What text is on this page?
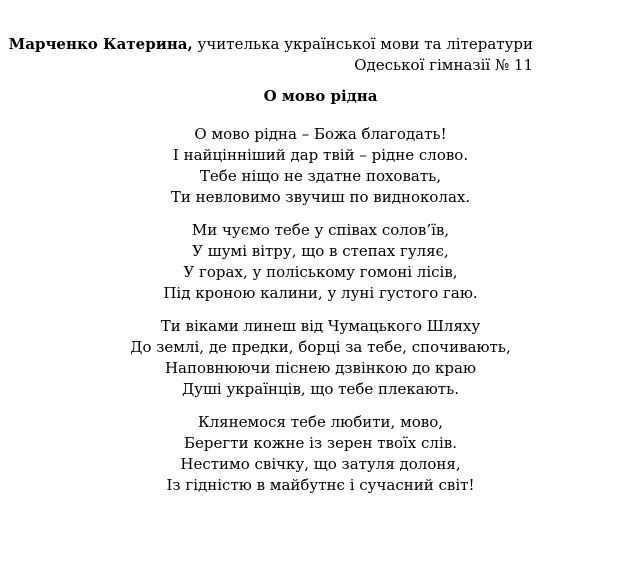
Марченко Катерина, учителька української мови та літератури
Одеської гімназії № 11

О мово рідна

О мово рідна – Божа благодать!
І найцінніший дар твій – рідне слово.
Тебе ніщо не здатне поховать,
Ти невловимо звучиш по видноколах.
Ми чуємо тебе у співах солов’їв,
У шумі вітру, що в степах гуляє,
У горах, у поліському гомоні лісів,
Під кроною калини, у луні густого гаю.
Ти віками линеш від Чумацького Шляху
До землі, де предки, борці за тебе, спочивають,
Наповнюючи піснею дзвінкою до краю
Душі українців, що тебе плекають.
Клянемося тебе любити, мово,
Берегти кожне із зерен твоїх слів.
Нестимо свічку, що затуля долоня,
Із гідністю в майбутнє і сучасний світ!
